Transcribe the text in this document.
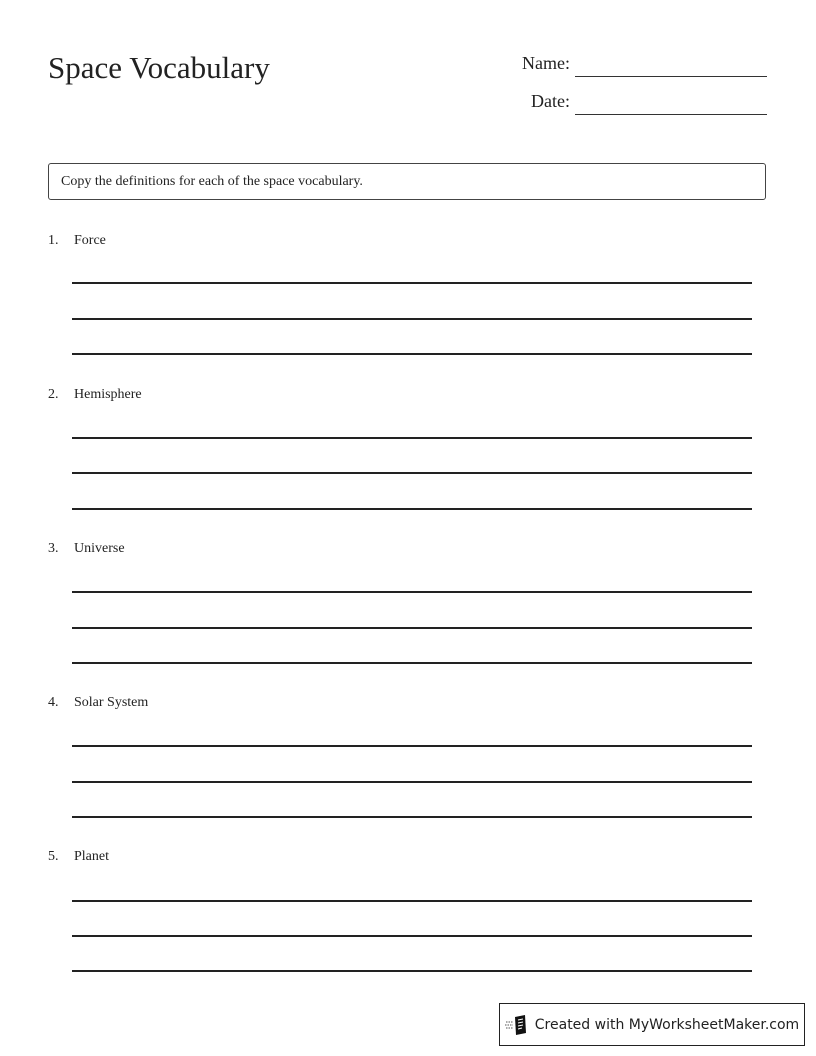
Space Vocabulary	Name:
Date:
Copy the definitions for each of the space vocabulary.
1. Force
2. Hemisphere
3. Universe
4. Solar System
5. Planet
Created with MyWorksheetMaker.com
